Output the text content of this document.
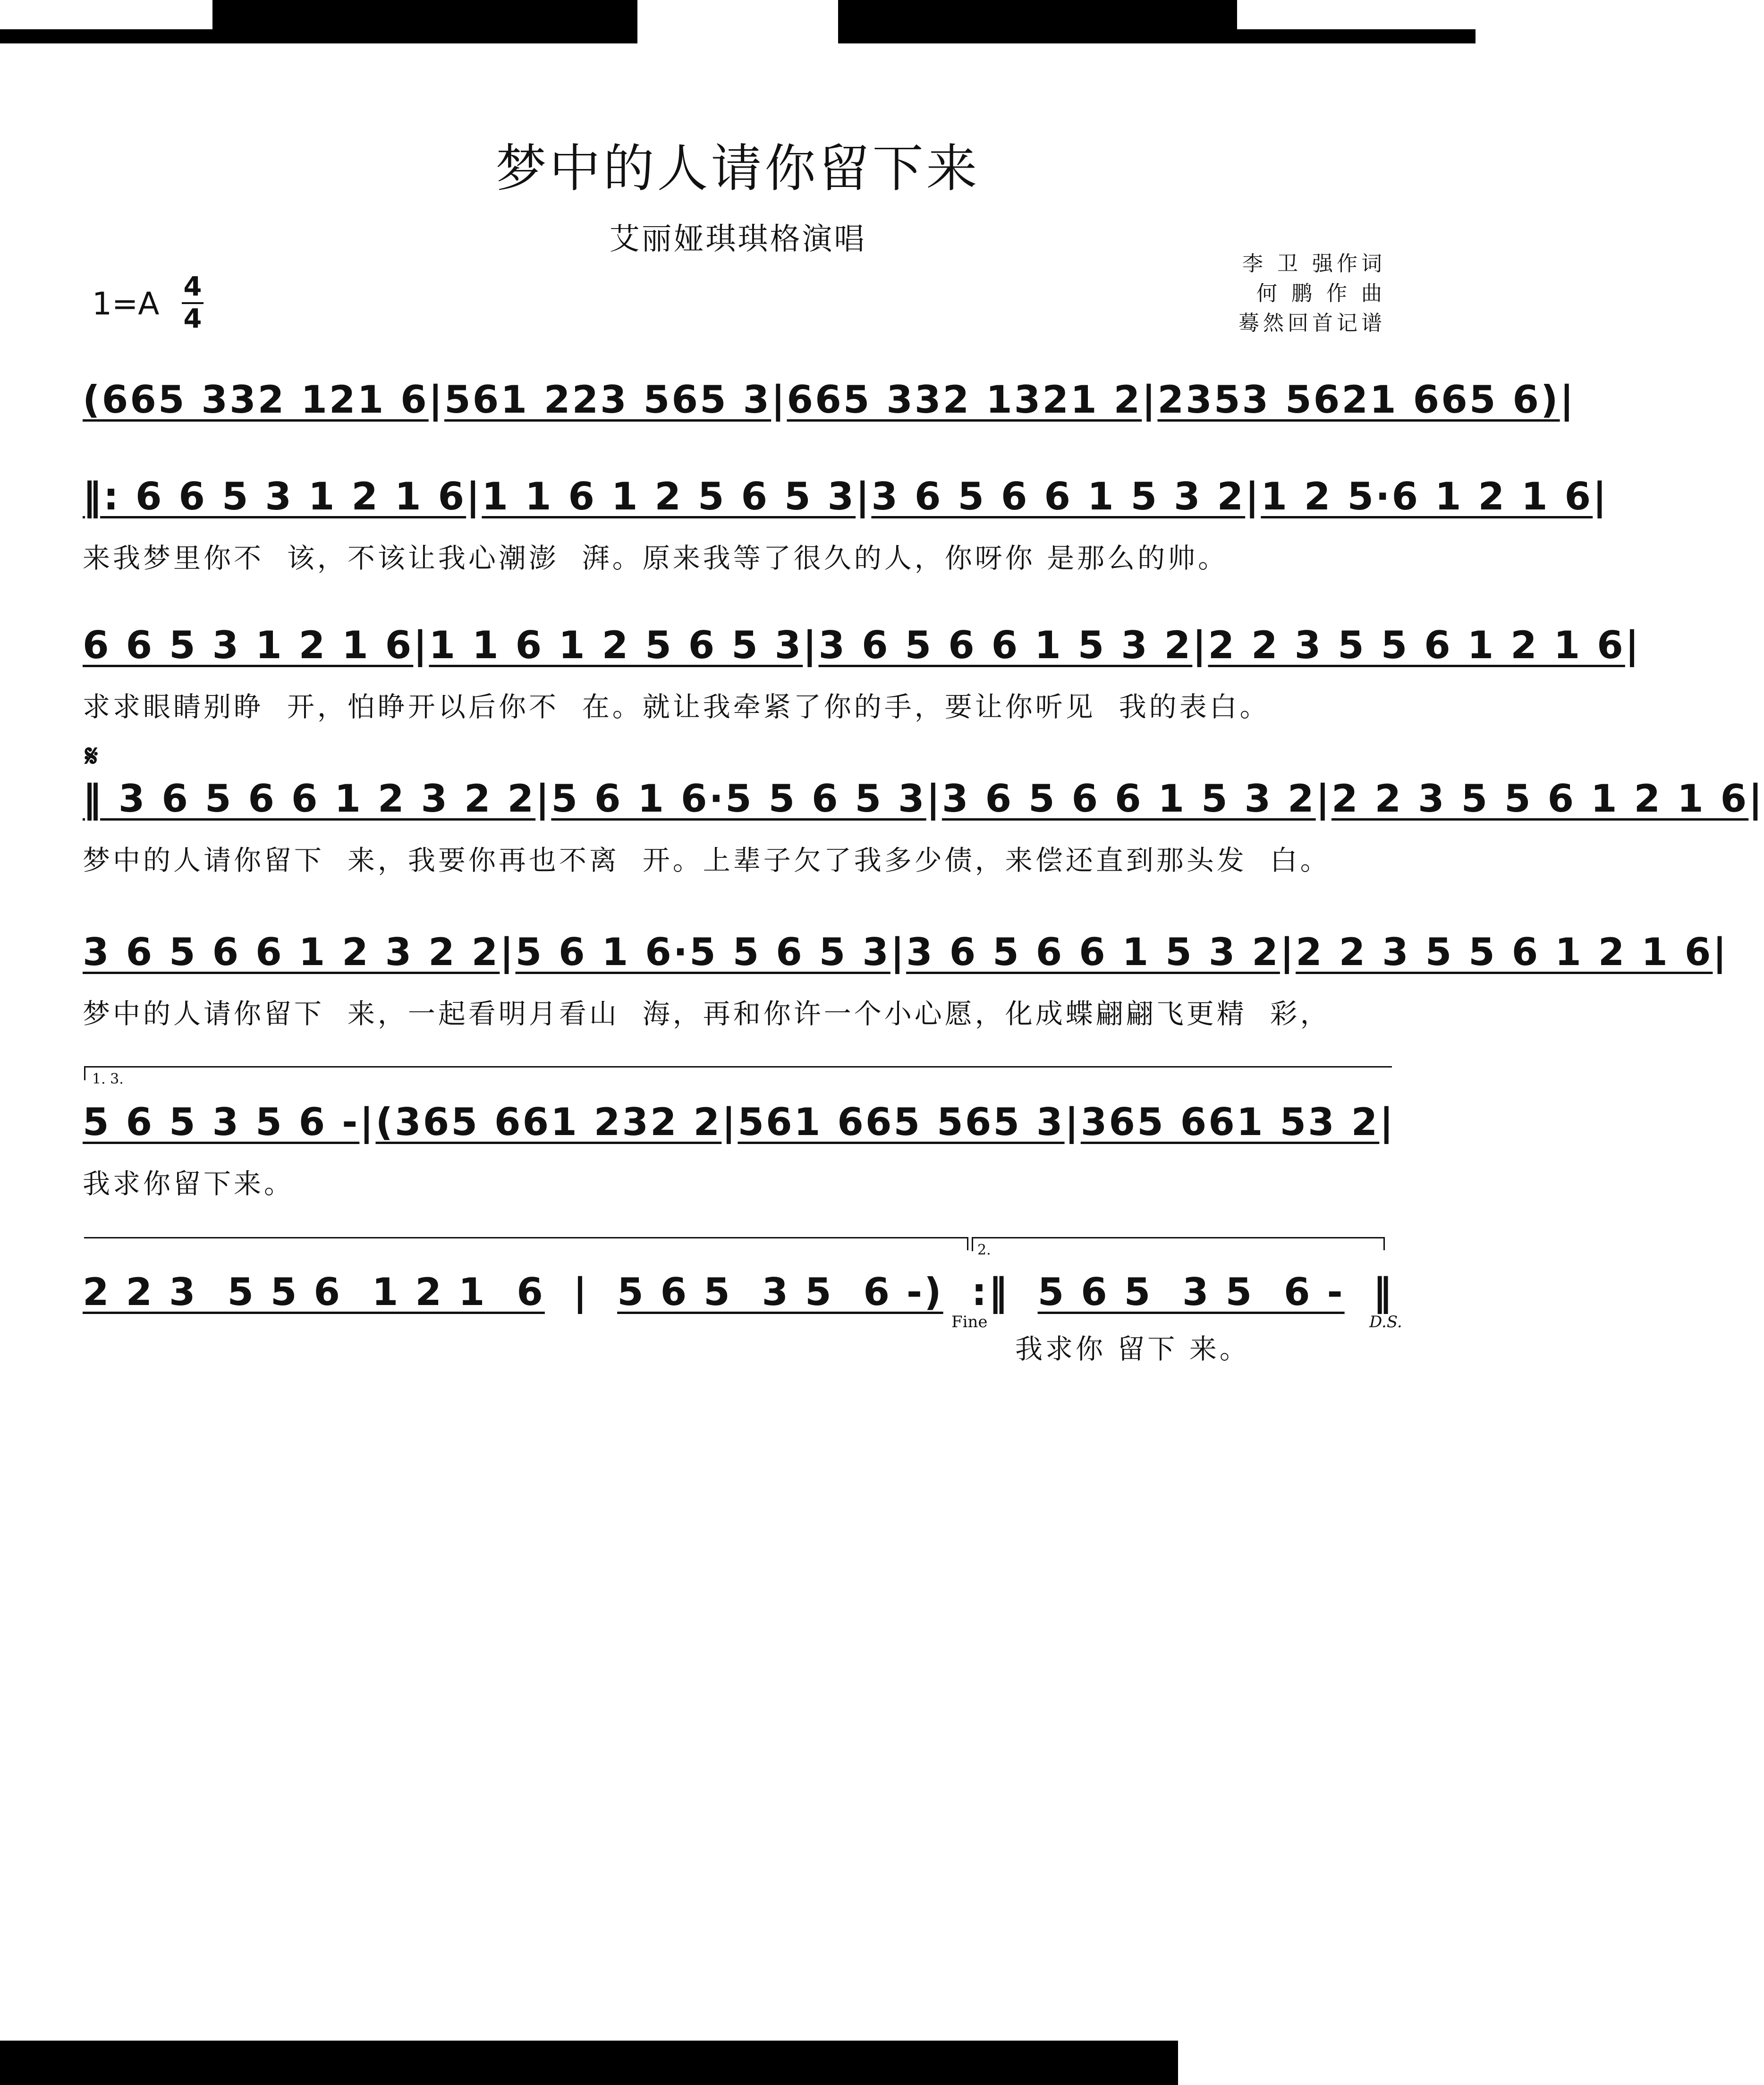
梦中的人请你留下来
艾丽娅琪琪格演唱
李 卫 强作词
何 鹏 作 曲
蓦然回首记谱
1=A 4
4
(665 332 121 6 | 561 223 565 3 | 665 332 1321 2 | 2353 5621 665 6) |
‖: 6 6 5 3 1 2 1 6 | 1 1 6 1 2 5 6 5 3 | 3 6 5 6 6 1 5 3 2 | 1 2 5·6 1 2 1 6 |
来我梦里你不  该，不该让我心潮澎  湃。原来我等了很久的人，你呀你 是那么的帅。
6 6 5 3 1 2 1 6 | 1 1 6 1 2 5 6 5 3 | 3 6 5 6 6 1 5 3 2 | 2 2 3 5 5 6 1 2 1 6 |
求求眼睛别睁  开，怕睁开以后你不  在。就让我牵紧了你的手，要让你听见  我的表白。
𝄋
‖ 3 6 5 6 6 1 2 3 2 2 | 5 6 1 6·5 5 6 5 3 | 3 6 5 6 6 1 5 3 2 | 2 2 3 5 5 6 1 2 1 6 |
梦中的人请你留下  来，我要你再也不离  开。上辈子欠了我多少债，来偿还直到那头发  白。
3 6 5 6 6 1 2 3 2 2 | 5 6 1 6·5 5 6 5 3 | 3 6 5 6 6 1 5 3 2 | 2 2 3 5 5 6 1 2 1 6 |
梦中的人请你留下  来，一起看明月看山  海，再和你许一个小心愿，化成蝶翩翩飞更精  彩，
1. 3.
5 6 5 3 5 6 - | (365 661 232 2 | 561 665 565 3 | 365 661 53 2 |
我求你留下来。
2.
2 2 3  5 5 6  1 2 1  6 | 5 6 5  3 5  6 -) :‖ 5 6 5  3 5  6 - ‖
Fine	D.S.
我求你 留下 来。
